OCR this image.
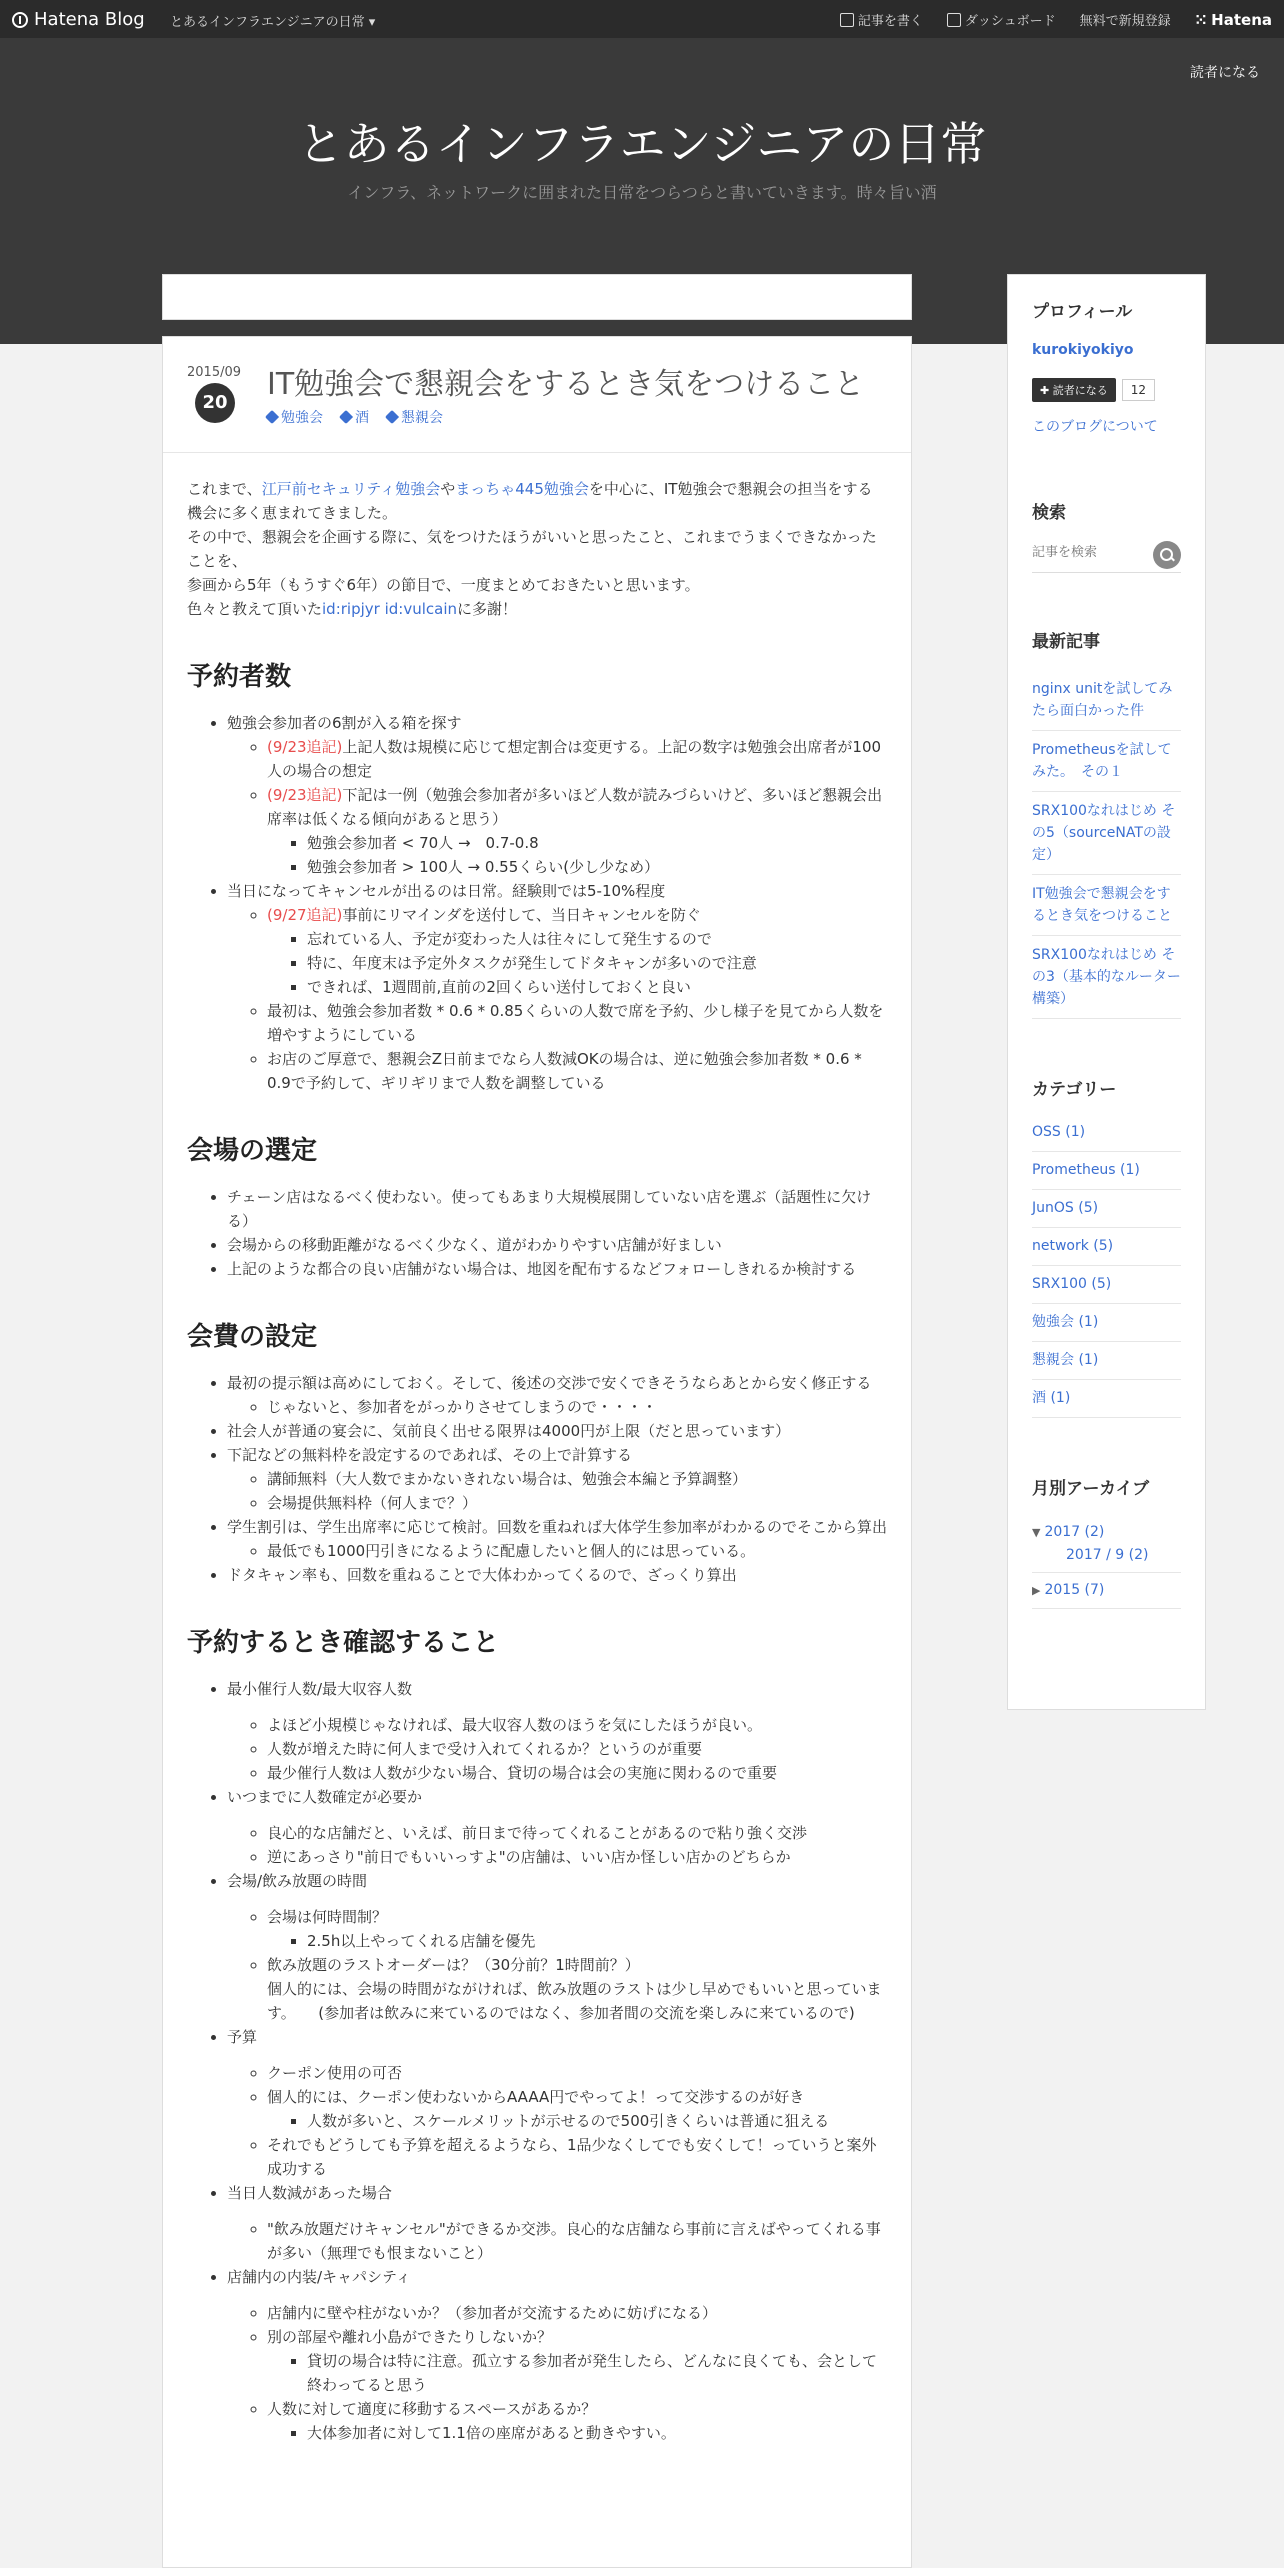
Hatena Blog とあるインフラエンジニアの日常 ▾	記事を書く	ダッシュボード 無料で新規登録 ⁙ Hatena
読者になる
とあるインフラエンジニアの日常
インフラ、ネットワークに囲まれた日常をつらつらと書いていきます。時々旨い酒
2015/09
20
IT勉強会で懇親会をするとき気をつけること
勉強会 酒 懇親会

これまで、江戸前セキュリティ勉強会やまっちゃ445勉強会を中心に、IT勉強会で懇親会の担当をする機会に多く恵まれてきました。
その中で、懇親会を企画する際に、気をつけたほうがいいと思ったこと、これまでうまくできなかったことを、
参画から5年（もうすぐ6年）の節目で、一度まとめておきたいと思います。
色々と教えて頂いたid:ripjyr id:vulcainに多謝！

予約者数
• 勉強会参加者の6割が入る箱を探す
◦ (9/23追記)上記人数は規模に応じて想定割合は変更する。上記の数字は勉強会出席者が100人の場合の想定
◦ (9/23追記)下記は一例（勉強会参加者が多いほど人数が読みづらいけど、多いほど懇親会出席率は低くなる傾向があると思う）
▪ 勉強会参加者 < 70人 →　0.7-0.8
▪ 勉強会参加者 > 100人 → 0.55くらい(少し少なめ）
• 当日になってキャンセルが出るのは日常。経験則では5-10%程度
◦ (9/27追記)事前にリマインダを送付して、当日キャンセルを防ぐ
▪ 忘れている人、予定が変わった人は往々にして発生するので
▪ 特に、年度末は予定外タスクが発生してドタキャンが多いので注意
▪ できれば、1週間前,直前の2回くらい送付しておくと良い
◦ 最初は、勉強会参加者数 * 0.6 * 0.85くらいの人数で席を予約、少し様子を見てから人数を増やすようにしている
◦ お店のご厚意で、懇親会Z日前までなら人数減OKの場合は、逆に勉強会参加者数 * 0.6 * 0.9で予約して、ギリギリまで人数を調整している
会場の選定
• チェーン店はなるべく使わない。使ってもあまり大規模展開していない店を選ぶ（話題性に欠ける）
• 会場からの移動距離がなるべく少なく、道がわかりやすい店舗が好ましい
• 上記のような都合の良い店舗がない場合は、地図を配布するなどフォローしきれるか検討する
会費の設定
• 最初の提示額は高めにしておく。そして、後述の交渉で安くできそうならあとから安く修正する
◦ じゃないと、参加者をがっかりさせてしまうので・・・・
• 社会人が普通の宴会に、気前良く出せる限界は4000円が上限（だと思っています）
• 下記などの無料枠を設定するのであれば、その上で計算する
◦ 講師無料（大人数でまかないきれない場合は、勉強会本編と予算調整）
◦ 会場提供無料枠（何人まで？）
• 学生割引は、学生出席率に応じて検討。回数を重ねれば大体学生参加率がわかるのでそこから算出
◦ 最低でも1000円引きになるように配慮したいと個人的には思っている。
• ドタキャン率も、回数を重ねることで大体わかってくるので、ざっくり算出
予約するとき確認すること
• 最小催行人数/最大収容人数
◦ よほど小規模じゃなければ、最大収容人数のほうを気にしたほうが良い。
◦ 人数が増えた時に何人まで受け入れてくれるか？というのが重要
◦ 最少催行人数は人数が少ない場合、貸切の場合は会の実施に関わるので重要
• いつまでに人数確定が必要か
◦ 良心的な店舗だと、いえば、前日まで待ってくれることがあるので粘り強く交渉
◦ 逆にあっさり"前日でもいいっすよ"の店舗は、いい店か怪しい店かのどちらか
• 会場/飲み放題の時間
◦ 会場は何時間制？
▪ 2.5h以上やってくれる店舗を優先
◦ 飲み放題のラストオーダーは？（30分前？1時間前？）
個人的には、会場の時間がながければ、飲み放題のラストは少し早めでもいいと思っています。　　(参加者は飲みに来ているのではなく、参加者間の交流を楽しみに来ているので)
• 予算
◦ クーポン使用の可否
◦ 個人的には、クーポン使わないからAAAA円でやってよ！って交渉するのが好き
▪ 人数が多いと、スケールメリットが示せるので500引きくらいは普通に狙える
◦ それでもどうしても予算を超えるようなら、1品少なくしてでも安くして！っていうと案外成功する
• 当日人数減があった場合
◦ "飲み放題だけキャンセル"ができるか交渉。良心的な店舗なら事前に言えばやってくれる事が多い（無理でも恨まないこと）
• 店舗内の内装/キャパシティ
◦ 店舗内に壁や柱がないか？（参加者が交流するために妨げになる）
◦ 別の部屋や離れ小島ができたりしないか？
▪ 貸切の場合は特に注意。孤立する参加者が発生したら、どんなに良くても、会として終わってると思う
◦ 人数に対して適度に移動するスペースがあるか？
▪ 大体参加者に対して1.1倍の座席があると動きやすい。
プロフィール
kurokiyokiyo
✚ 読者になる	12
このブログについて
検索
記事を検索
最新記事
nginx unitを試してみたら面白かった件
Prometheusを試してみた。　その１
SRX100なれはじめ その5（sourceNATの設定）
IT勉強会で懇親会をするとき気をつけること
SRX100なれはじめ その3（基本的なルーター構築）
カテゴリー
OSS (1)
Prometheus (1)
JunOS (5)
network (5)
SRX100 (5)
勉強会 (1)
懇親会 (1)
酒 (1)
月別アーカイブ
▼ 2017 (2)
2017 / 9 (2)
▶ 2015 (7)
